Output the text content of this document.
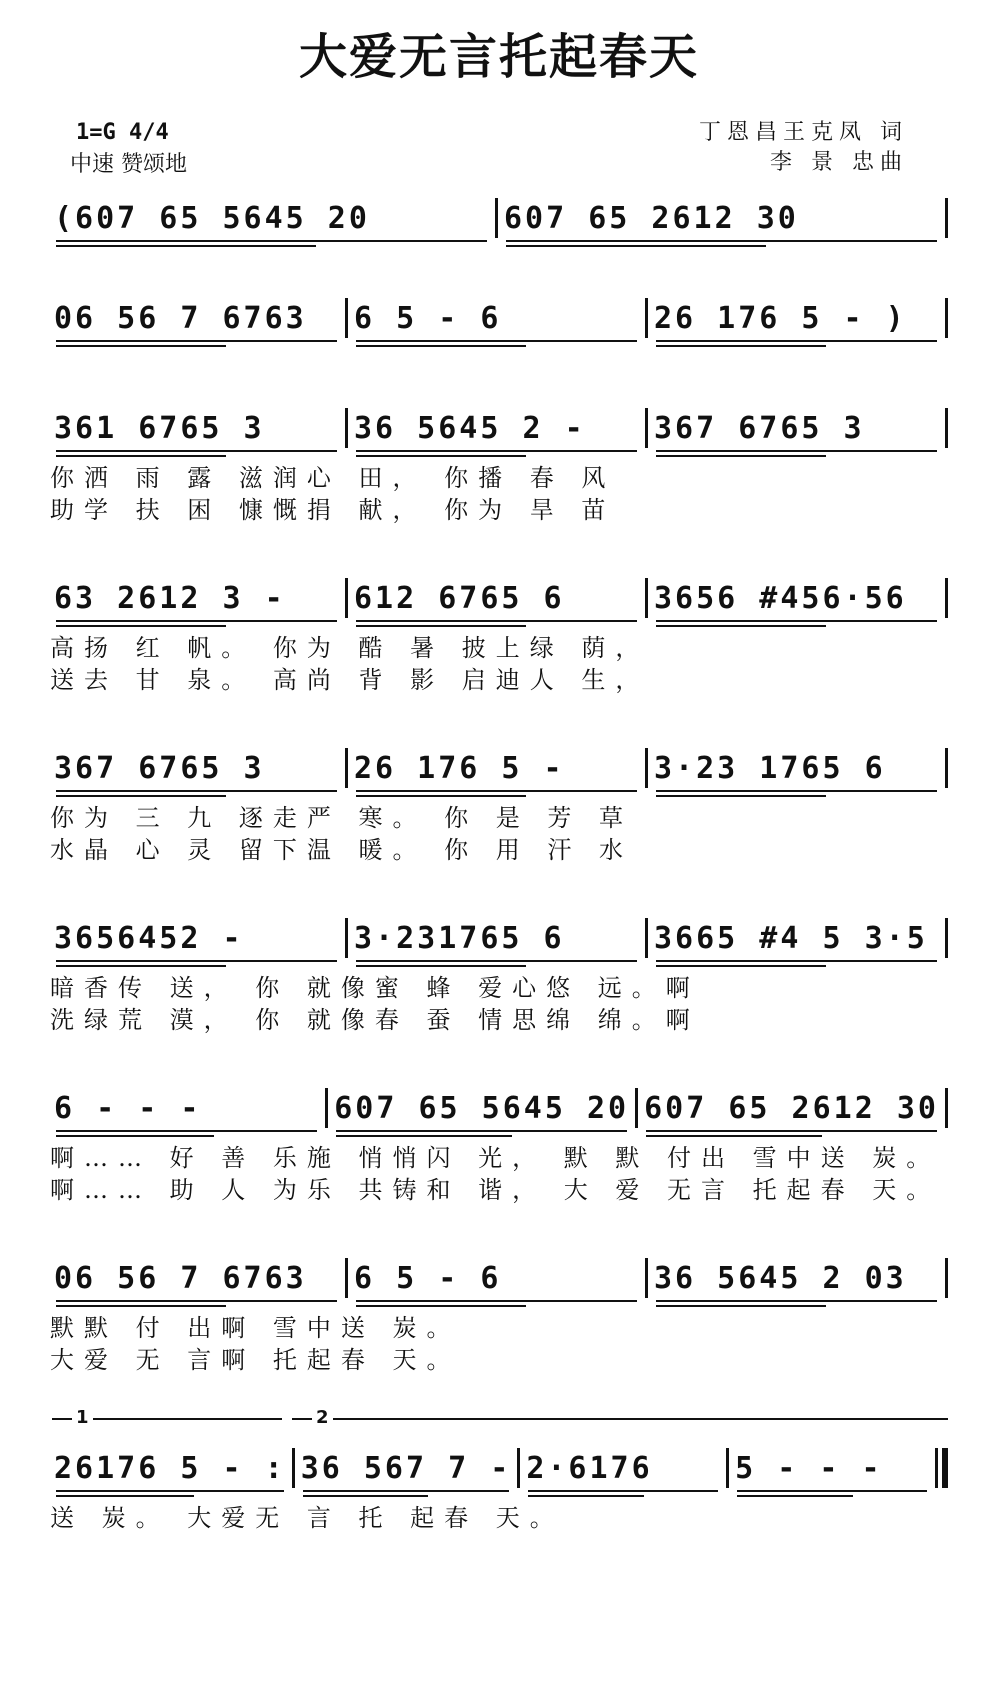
大爱无言托起春天
1=G 4/4
中速 赞颂地
丁恩昌王克凤 词
李 景 忠曲
(607 65 5645 20	607 65 2612 30
06 56 7 6763	6 5 - 6	26 176 5 - )
361 6765 3	36 5645 2 -	367 6765 3
你洒 雨 露 滋润心 田， 你播 春 风
助学 扶 困 慷慨捐 献， 你为 旱 苗
63 2612 3 -	612 6765 6	3656 #456·56
高扬 红 帆。 你为 酷 暑 披上绿 荫，
送去 甘 泉。 高尚 背 影 启迪人 生，
367 6765 3	26 176 5 -	3·23 1765 6
你为 三 九 逐走严 寒。 你 是 芳 草
水晶 心 灵 留下温 暖。 你 用 汗 水
3656452 -	3·231765 6	3665 #4 5 3·5
暗香传 送， 你 就像蜜 蜂 爱心悠 远。啊
洗绿荒 漠， 你 就像春 蚕 情思绵 绵。啊
6 - - -	607 65 5645 20 607 65 2612 30
啊…… 好 善 乐施 悄悄闪 光， 默 默 付出 雪中送 炭。
啊…… 助 人 为乐 共铸和 谐， 大 爱 无言 托起春 天。
06 56 7 6763	6 5 - 6	36 5645 2 03
默默 付 出啊 雪中送 炭。
大爱 无 言啊 托起春 天。
1	2
26176 5 - : 36 567 7 - 2·6176	5 - - -
送 炭。 大爱无 言 托 起春 天。
